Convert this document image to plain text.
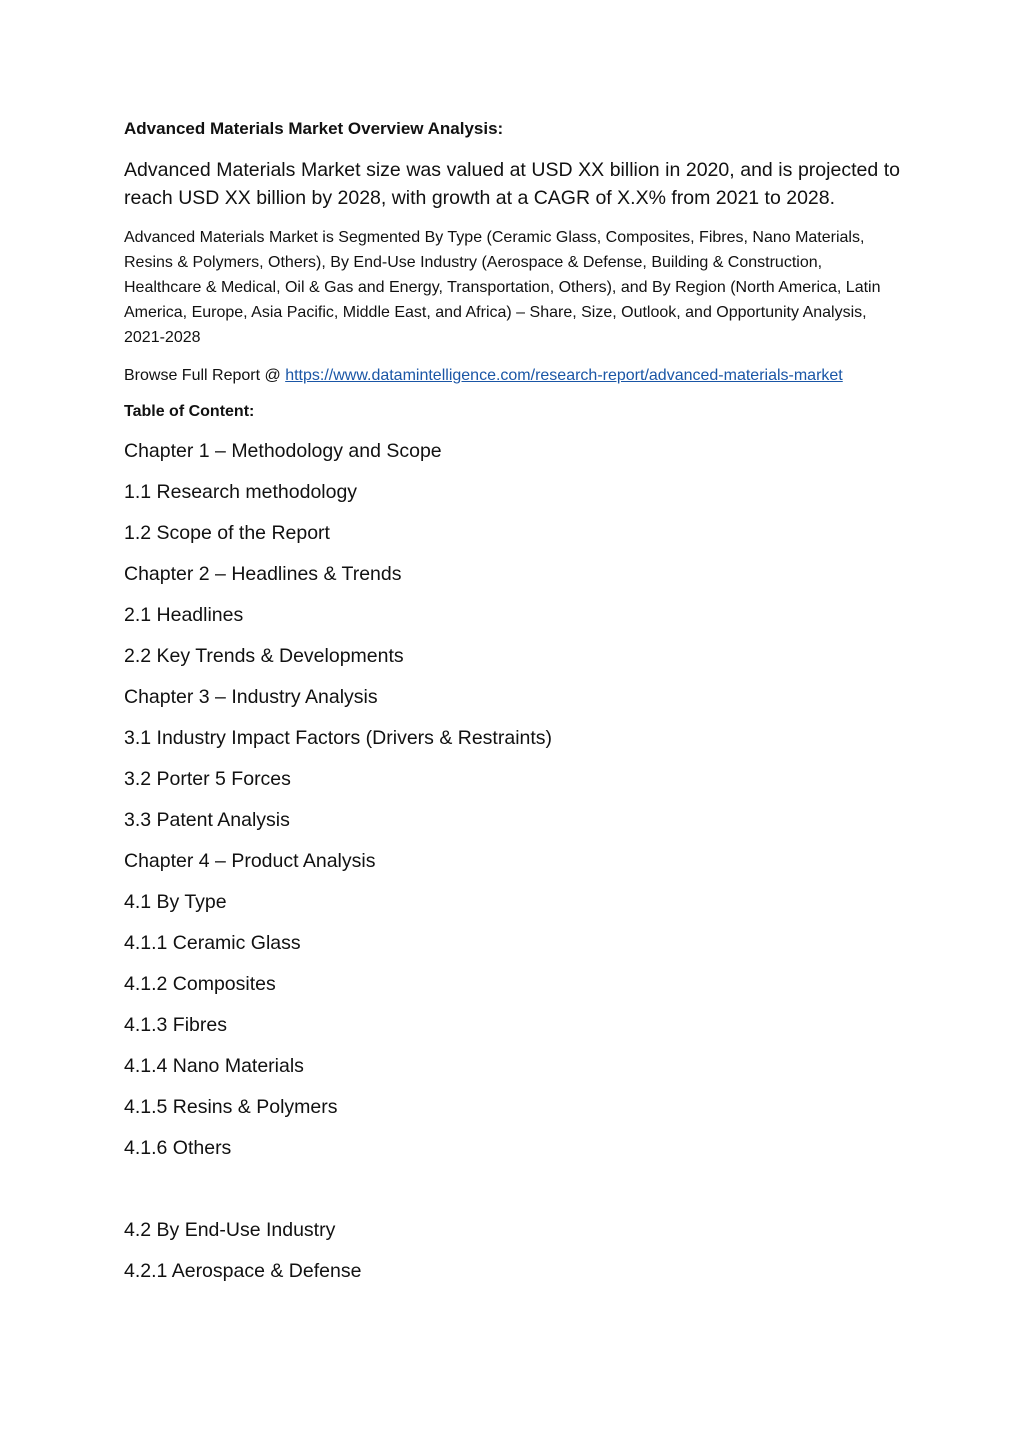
Advanced Materials Market Overview Analysis:
Advanced Materials Market size was valued at USD XX billion in 2020, and is projected to reach USD XX billion by 2028, with growth at a CAGR of X.X% from 2021 to 2028.
Advanced Materials Market is Segmented By Type (Ceramic Glass, Composites, Fibres, Nano Materials, Resins & Polymers, Others), By End-Use Industry (Aerospace & Defense, Building & Construction, Healthcare & Medical, Oil & Gas and Energy, Transportation, Others), and By Region (North America, Latin America, Europe, Asia Pacific, Middle East, and Africa) – Share, Size, Outlook, and Opportunity Analysis, 2021-2028
Browse Full Report @ https://www.datamintelligence.com/research-report/advanced-materials-market
Table of Content:
Chapter 1 – Methodology and Scope
1.1 Research methodology
1.2 Scope of the Report
Chapter 2 – Headlines & Trends
2.1 Headlines
2.2 Key Trends & Developments
Chapter 3 – Industry Analysis
3.1 Industry Impact Factors (Drivers & Restraints)
3.2 Porter 5 Forces
3.3 Patent Analysis
Chapter 4 – Product Analysis
4.1 By Type
4.1.1 Ceramic Glass
4.1.2 Composites
4.1.3 Fibres
4.1.4 Nano Materials
4.1.5 Resins & Polymers
4.1.6 Others
4.2 By End-Use Industry
4.2.1 Aerospace & Defense
